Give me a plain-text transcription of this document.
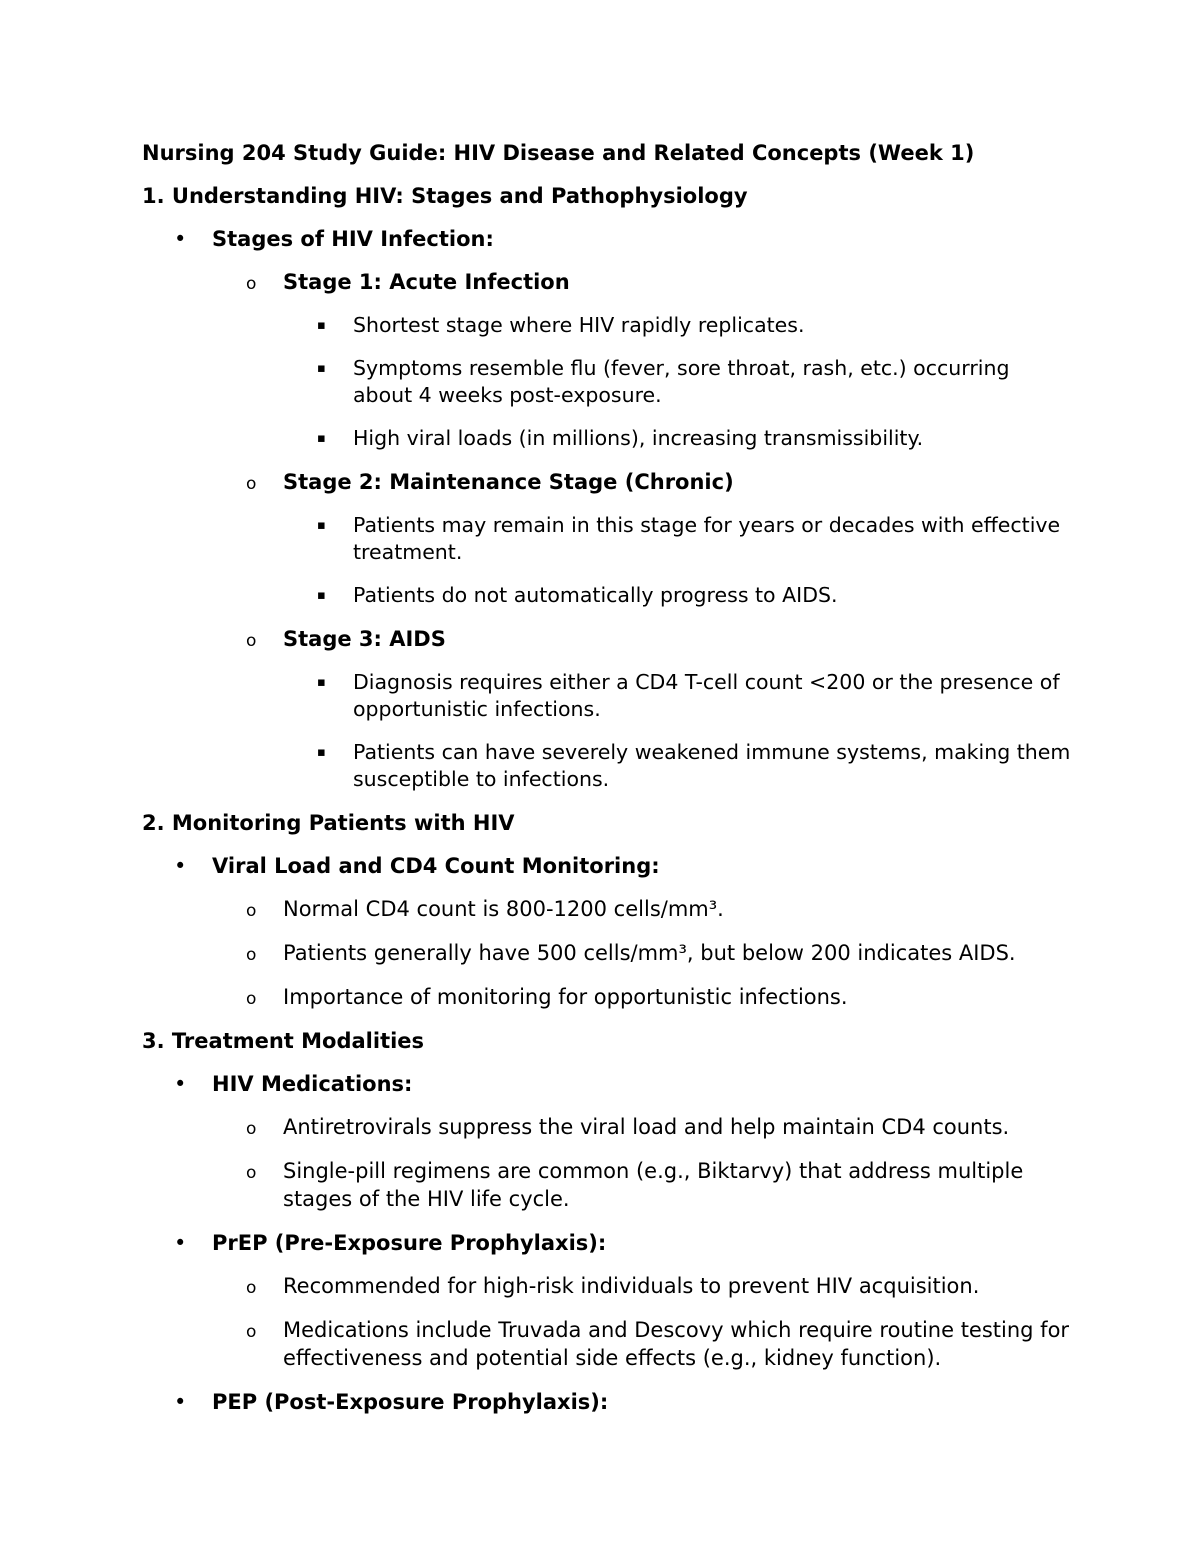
Nursing 204 Study Guide: HIV Disease and Related Concepts (Week 1)
1. Understanding HIV: Stages and Pathophysiology
• Stages of HIV Infection:
o Stage 1: Acute Infection
▪ Shortest stage where HIV rapidly replicates.
▪ Symptoms resemble flu (fever, sore throat, rash, etc.) occurring about 4 weeks post-exposure.
▪ High viral loads (in millions), increasing transmissibility.
o Stage 2: Maintenance Stage (Chronic)
▪ Patients may remain in this stage for years or decades with effective treatment.
▪ Patients do not automatically progress to AIDS.
o Stage 3: AIDS
▪ Diagnosis requires either a CD4 T-cell count <200 or the presence of opportunistic infections.
▪ Patients can have severely weakened immune systems, making them susceptible to infections.
2. Monitoring Patients with HIV
• Viral Load and CD4 Count Monitoring:
o Normal CD4 count is 800-1200 cells/mm³.
o Patients generally have 500 cells/mm³, but below 200 indicates AIDS.
o Importance of monitoring for opportunistic infections.
3. Treatment Modalities
• HIV Medications:
o Antiretrovirals suppress the viral load and help maintain CD4 counts.
o Single-pill regimens are common (e.g., Biktarvy) that address multiple stages of the HIV life cycle.
• PrEP (Pre-Exposure Prophylaxis):
o Recommended for high-risk individuals to prevent HIV acquisition.
o Medications include Truvada and Descovy which require routine testing for effectiveness and potential side effects (e.g., kidney function).
• PEP (Post-Exposure Prophylaxis):
